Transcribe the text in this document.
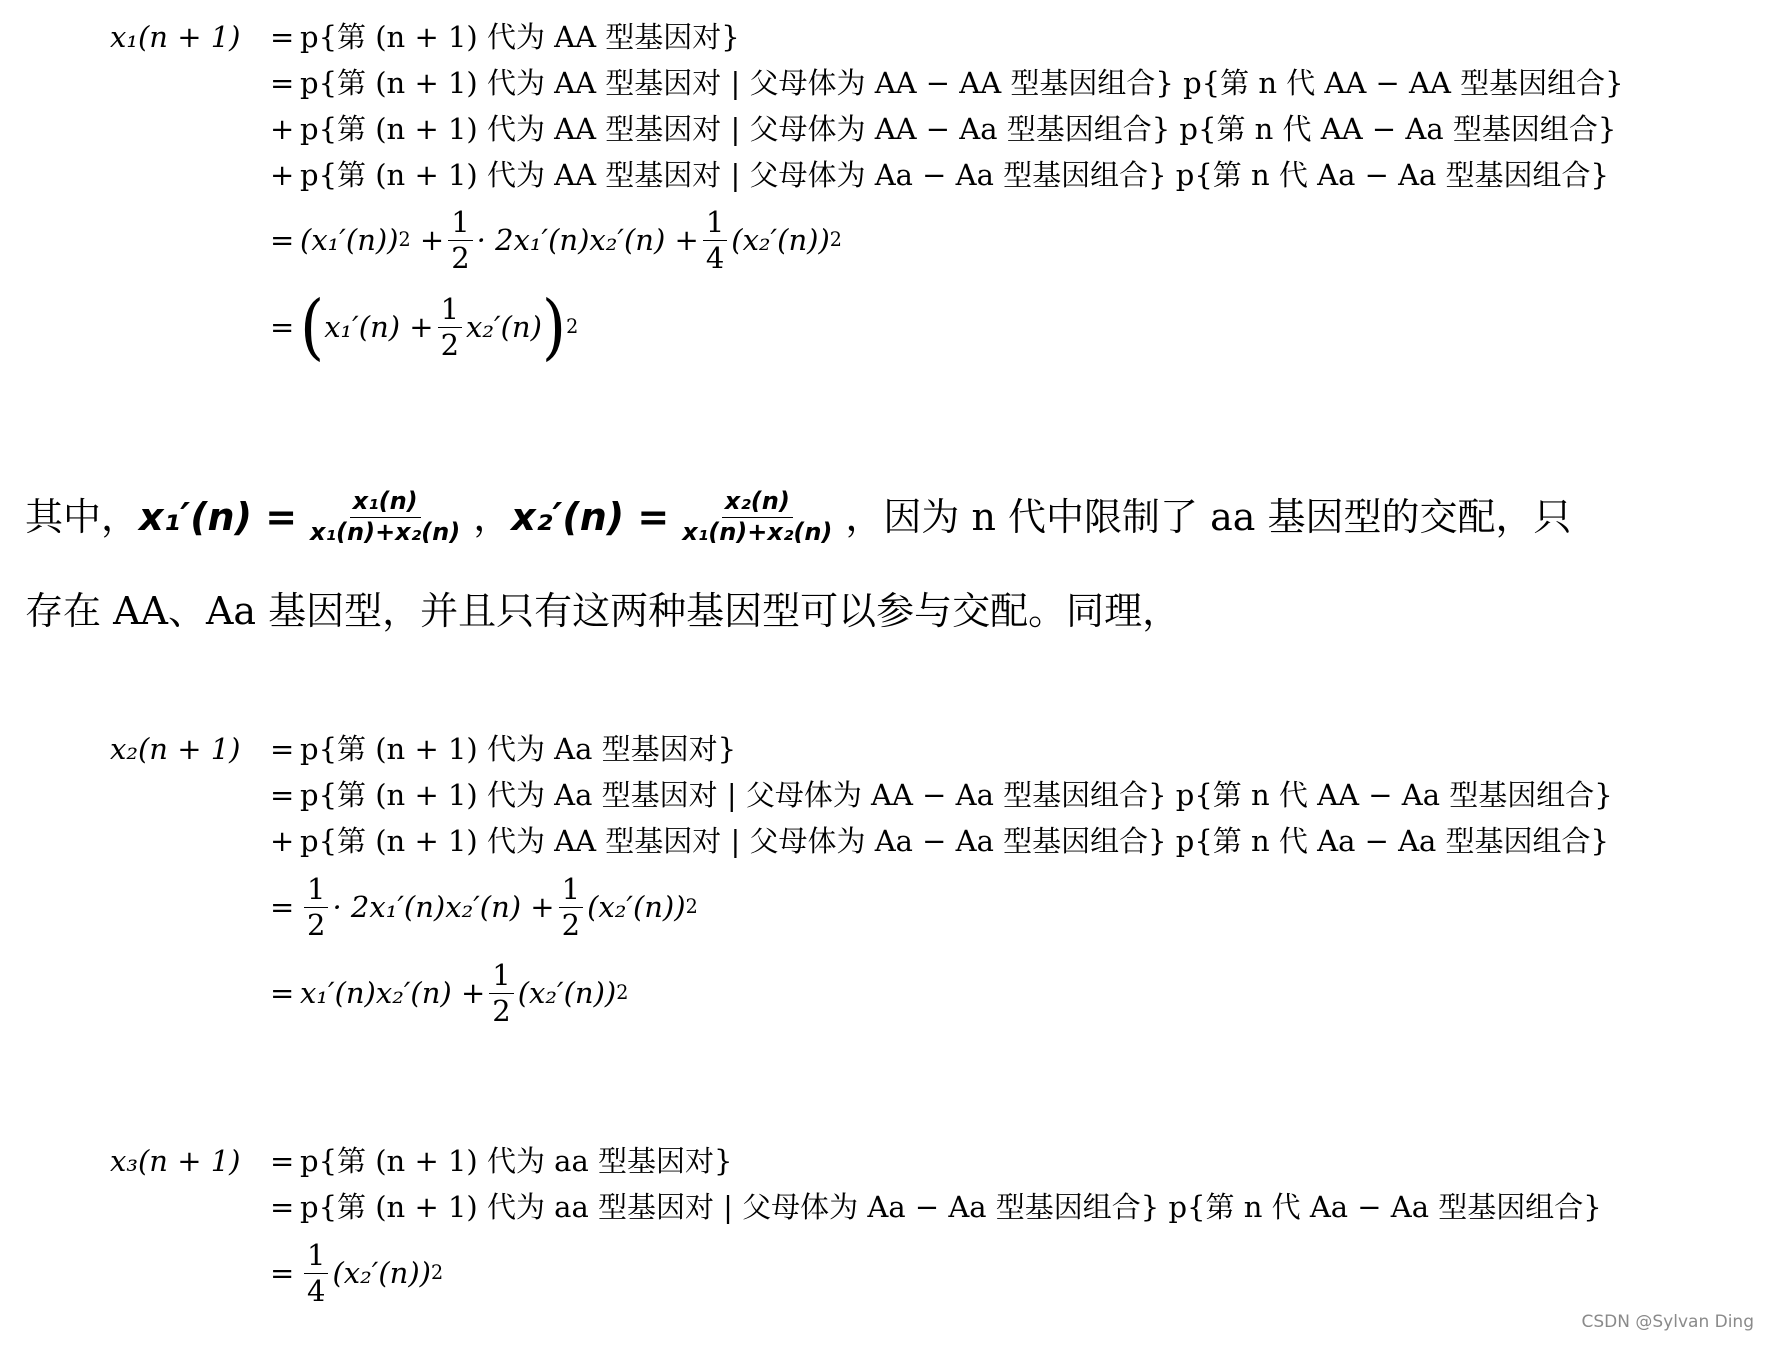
x₁(n + 1)	= p{第 (n + 1) 代为 AA 型基因对}
= p{第 (n + 1) 代为 AA 型基因对 | 父母体为 AA − AA 型基因组合} p{第 n 代 AA − AA 型基因组合}
+ p{第 (n + 1) 代为 AA 型基因对 | 父母体为 AA − Aa 型基因组合} p{第 n 代 AA − Aa 型基因组合}
+ p{第 (n + 1) 代为 AA 型基因对 | 父母体为 Aa − Aa 型基因组合} p{第 n 代 Aa − Aa 型基因组合}
= (x₁′(n)) 2
+ $\frac{1}{2} \cdot 2x_1'(n)x_2'(n) + \frac{1}{4} (x_2'(n))$ 2
= ( $x_1'(n) + \frac{1}{2} x_2'(n)$ ) 2
其中， $x_1'(n) = \frac{\text{x₁(n)}}{\text{x₁(n)+x₂(n)}}$ ， $x_2'(n) = \frac{\text{x₂(n)}}{\text{x₁(n)+x₂(n)}}$ ，因为 n 代中限制了 aa 基因型的交配，只
存在 AA、Aa 基因型，并且只有这两种基因型可以参与交配。同理，
x₂(n + 1)	= p{第 (n + 1) 代为 Aa 型基因对}
= p{第 (n + 1) 代为 Aa 型基因对 | 父母体为 AA − Aa 型基因组合} p{第 n 代 AA − Aa 型基因组合}
+ p{第 (n + 1) 代为 AA 型基因对 | 父母体为 Aa − Aa 型基因组合} p{第 n 代 Aa − Aa 型基因组合}
= $\frac{1}{2} \cdot 2x_1'(n)x_2'(n) + \frac{1}{2} (x_2'(n))$ 2
= $x_1'(n)x_2'(n) + \frac{1}{2} (x_2'(n))$ 2
x₃(n + 1)	= p{第 (n + 1) 代为 aa 型基因对}
= p{第 (n + 1) 代为 aa 型基因对 | 父母体为 Aa − Aa 型基因组合} p{第 n 代 Aa − Aa 型基因组合}
= $\frac{1}{4} (x_2'(n))$ 2
CSDN @Sylvan Ding
